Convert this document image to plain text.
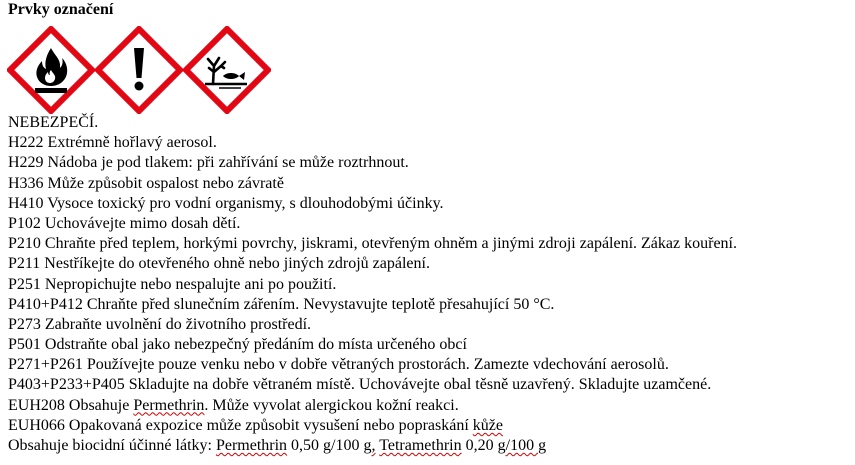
Prvky označení
NEBEZPEČÍ.
H222 Extrémně hořlavý aerosol.
H229 Nádoba je pod tlakem: při zahřívání se může roztrhnout.
H336 Může způsobit ospalost nebo závratě
H410 Vysoce toxický pro vodní organismy, s dlouhodobými účinky.
P102 Uchovávejte mimo dosah dětí.
P210 Chraňte před teplem, horkými povrchy, jiskrami, otevřeným ohněm a jinými zdroji zapálení. Zákaz kouření.
P211 Nestříkejte do otevřeného ohně nebo jiných zdrojů zapálení.
P251 Nepropichujte nebo nespalujte ani po použití.
P410+P412 Chraňte před slunečním zářením. Nevystavujte teplotě přesahující 50 °C.
P273 Zabraňte uvolnění do životního prostředí.
P501 Odstraňte obal jako nebezpečný předáním do místa určeného obcí
P271+P261 Používejte pouze venku nebo v dobře větraných prostorách. Zamezte vdechování aerosolů.
P403+P233+P405 Skladujte na dobře větraném místě. Uchovávejte obal těsně uzavřený. Skladujte uzamčené.
EUH208 Obsahuje Permethrin. Může vyvolat alergickou kožní reakci.
EUH066 Opakovaná expozice může způsobit vysušení nebo popraskání kůže
Obsahuje biocidní účinné látky: Permethrin 0,50 g/100 g, Tetramethrin 0,20 g/100 g
